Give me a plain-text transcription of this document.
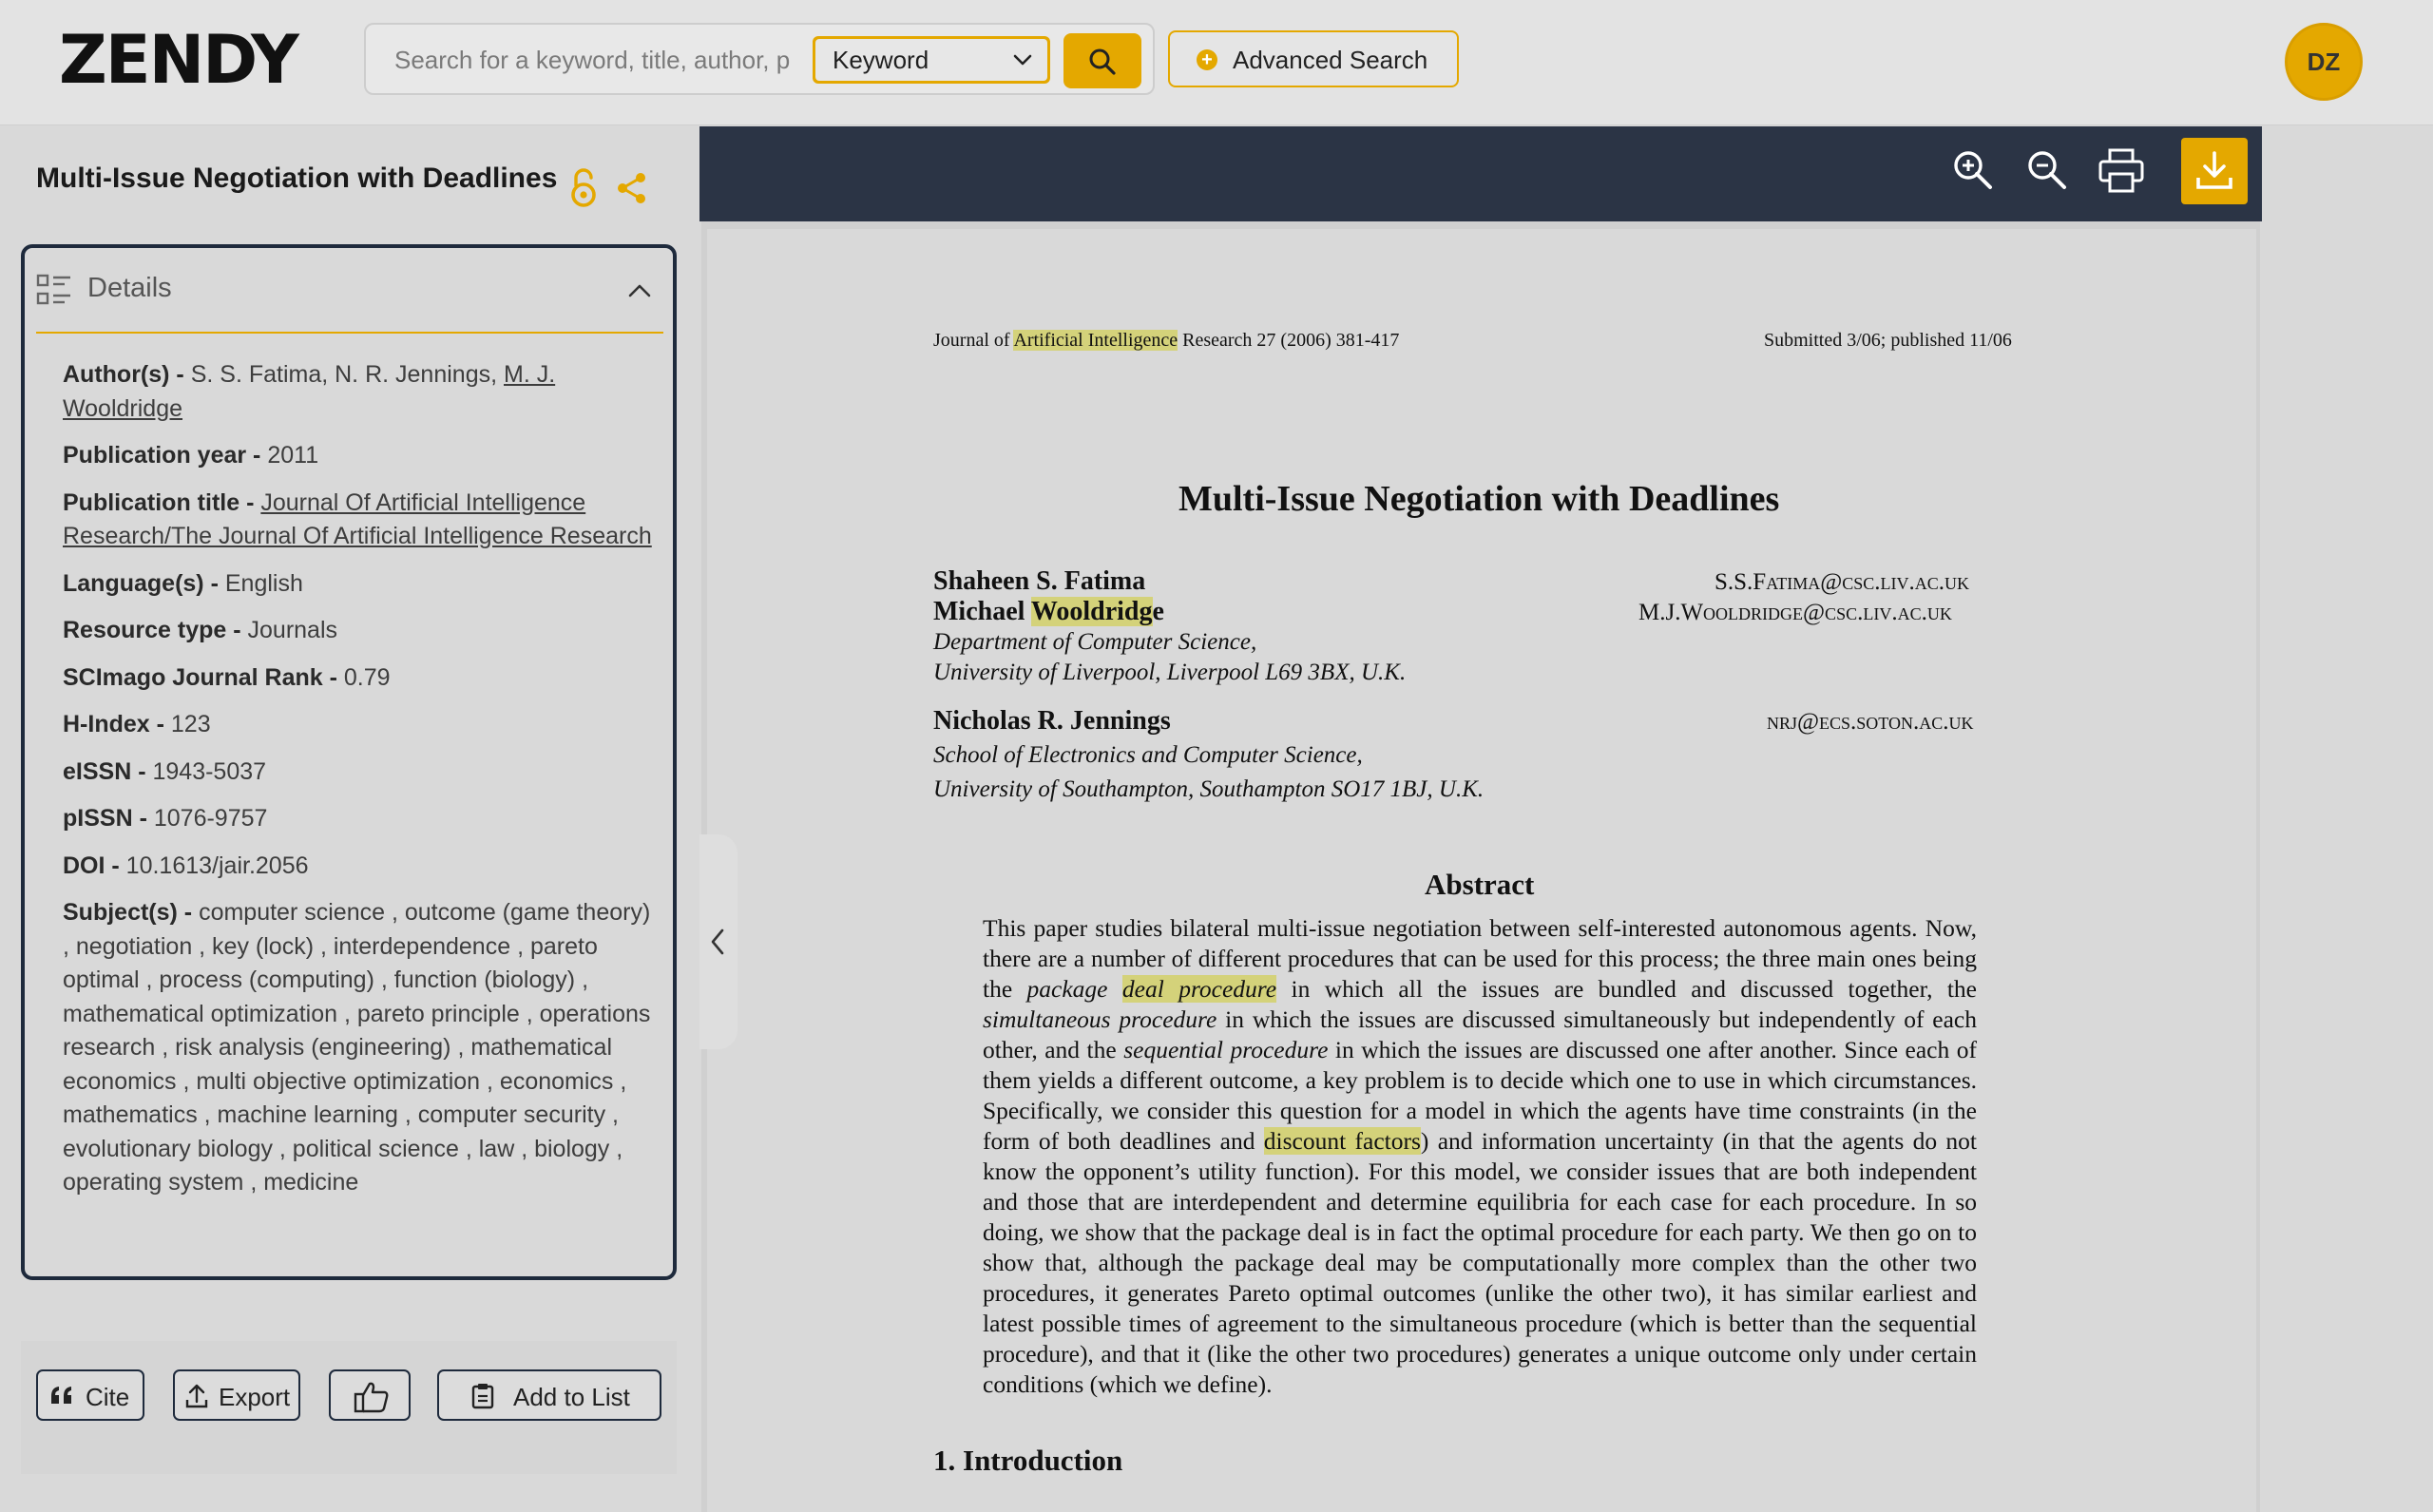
ZENDY
Search for a keyword, title, author, p	Keyword	+ Advanced Search	DZ
Multi-Issue Negotiation with Deadlines
Details
Author(s) - S. S. Fatima, N. R. Jennings, M. J. Wooldridge
Publication year - 2011
Publication title - Journal Of Artificial Intelligence Research/The Journal Of Artificial Intelligence Research
Language(s) - English
Resource type - Journals
SCImago Journal Rank - 0.79
H-Index - 123
eISSN - 1943-5037
pISSN - 1076-9757
DOI - 10.1613/jair.2056
Subject(s) - computer science , outcome (game theory) , negotiation , key (lock) , interdependence , pareto optimal , process (computing) , function (biology) , mathematical optimization , pareto principle , operations research , risk analysis (engineering) , mathematical economics , multi objective optimization , economics , mathematics , machine learning , computer security , evolutionary biology , political science , law , biology , operating system , medicine
Cite	Export	Add to List
Journal of Artificial Intelligence Research 27 (2006) 381-417	Submitted 3/06; published 11/06
Multi-Issue Negotiation with Deadlines
Shaheen S. Fatima	S.S.Fatima@csc.liv.ac.uk
Michael Wooldridge	M.J.Wooldridge@csc.liv.ac.uk
Department of Computer Science,
University of Liverpool, Liverpool L69 3BX, U.K.
Nicholas R. Jennings	nrj@ecs.soton.ac.uk
School of Electronics and Computer Science,
University of Southampton, Southampton SO17 1BJ, U.K.
Abstract

This paper studies bilateral multi-issue negotiation between self-interested autonomous agents. Now, there are a number of different procedures that can be used for this process; the three main ones being the package deal procedure in which all the issues are bundled and discussed together, the simultaneous procedure in which the issues are discussed simultaneously but independently of each other, and the sequential procedure in which the issues are discussed one after another. Since each of them yields a different outcome, a key problem is to decide which one to use in which circumstances. Specifically, we consider this question for a model in which the agents have time constraints (in the form of both deadlines and discount factors) and information uncertainty (in that the agents do not know the opponent’s utility function). For this model, we consider issues that are both independent and those that are interdependent and determine equilibria for each case for each procedure. In so doing, we show that the package deal is in fact the optimal procedure for each party. We then go on to show that, although the package deal may be computationally more complex than the other two procedures, it generates Pareto optimal outcomes (unlike the other two), it has similar earliest and latest possible times of agreement to the simultaneous procedure (which is better than the sequential procedure), and that it (like the other two procedures) generates a unique outcome only under certain conditions (which we define).

1. Introduction
